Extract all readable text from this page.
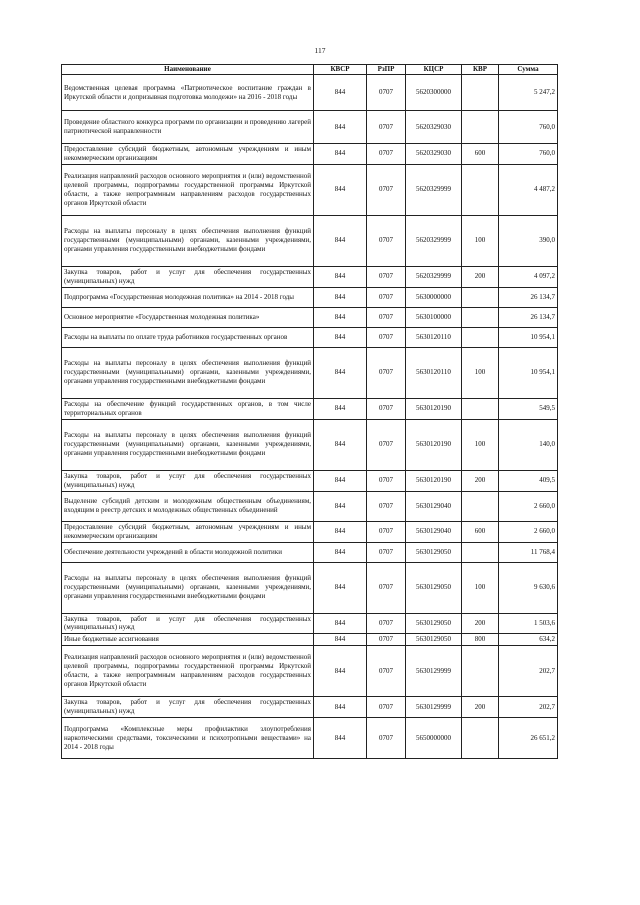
117
Наименование	КВСР	РзПР	КЦСР	КВР	Сумма
Ведомственная целевая программа «Патриотическое воспитание граждан в Иркутской области и допризывная подготовка молодежи» на 2016 - 2018 годы	844	0707	5620300000		5 247,2
Проведение областного конкурса программ по организации и проведению лагерей патриотической направленности	844	0707	5620329030		760,0
Предоставление субсидий бюджетным, автономным учреждениям и иным некоммерческим организациям	844	0707	5620329030	600	760,0
Реализация направлений расходов основного мероприятия и (или) ведомственной целевой программы, подпрограммы государственной программы Иркутской области, а также непрограммным направлениям расходов государственных органов Иркутской области	844	0707	5620329999		4 487,2
Расходы на выплаты персоналу в целях обеспечения выполнения функций государственными (муниципальными) органами, казенными учреждениями, органами управления государственными внебюджетными фондами	844	0707	5620329999	100	390,0
Закупка товаров, работ и услуг для обеспечения государственных (муниципальных) нужд	844	0707	5620329999	200	4 097,2
Подпрограмма «Государственная молодежная политика» на 2014 - 2018 годы	844	0707	5630000000		26 134,7
Основное мероприятие «Государственная молодежная политика»	844	0707	5630100000		26 134,7
Расходы на выплаты по оплате труда работников государственных органов	844	0707	5630120110		10 954,1
Расходы на выплаты персоналу в целях обеспечения выполнения функций государственными (муниципальными) органами, казенными учреждениями, органами управления государственными внебюджетными фондами	844	0707	5630120110	100	10 954,1
Расходы на обеспечение функций государственных органов, в том числе территориальных органов	844	0707	5630120190		549,5
Расходы на выплаты персоналу в целях обеспечения выполнения функций государственными (муниципальными) органами, казенными учреждениями, органами управления государственными внебюджетными фондами	844	0707	5630120190	100	140,0
Закупка товаров, работ и услуг для обеспечения государственных (муниципальных) нужд	844	0707	5630120190	200	409,5
Выделение субсидий детским и молодежным общественным объединениям, входящим в реестр детских и молодежных общественных объединений	844	0707	5630129040		2 660,0
Предоставление субсидий бюджетным, автономным учреждениям и иным некоммерческим организациям	844	0707	5630129040	600	2 660,0
Обеспечение деятельности учреждений в области молодежной политики	844	0707	5630129050		11 768,4
Расходы на выплаты персоналу в целях обеспечения выполнения функций государственными (муниципальными) органами, казенными учреждениями, органами управления государственными внебюджетными фондами	844	0707	5630129050	100	9 630,6
Закупка товаров, работ и услуг для обеспечения государственных (муниципальных) нужд	844	0707	5630129050	200	1 503,6
Иные бюджетные ассигнования	844	0707	5630129050	800	634,2
Реализация направлений расходов основного мероприятия и (или) ведомственной целевой программы, подпрограммы государственной программы Иркутской области, а также непрограммным направлениям расходов государственных органов Иркутской области	844	0707	5630129999		202,7
Закупка товаров, работ и услуг для обеспечения государственных (муниципальных) нужд	844	0707	5630129999	200	202,7
Подпрограмма «Комплексные меры профилактики злоупотребления наркотическими средствами, токсическими и психотропными веществами» на 2014 - 2018 годы	844	0707	5650000000		26 651,2
